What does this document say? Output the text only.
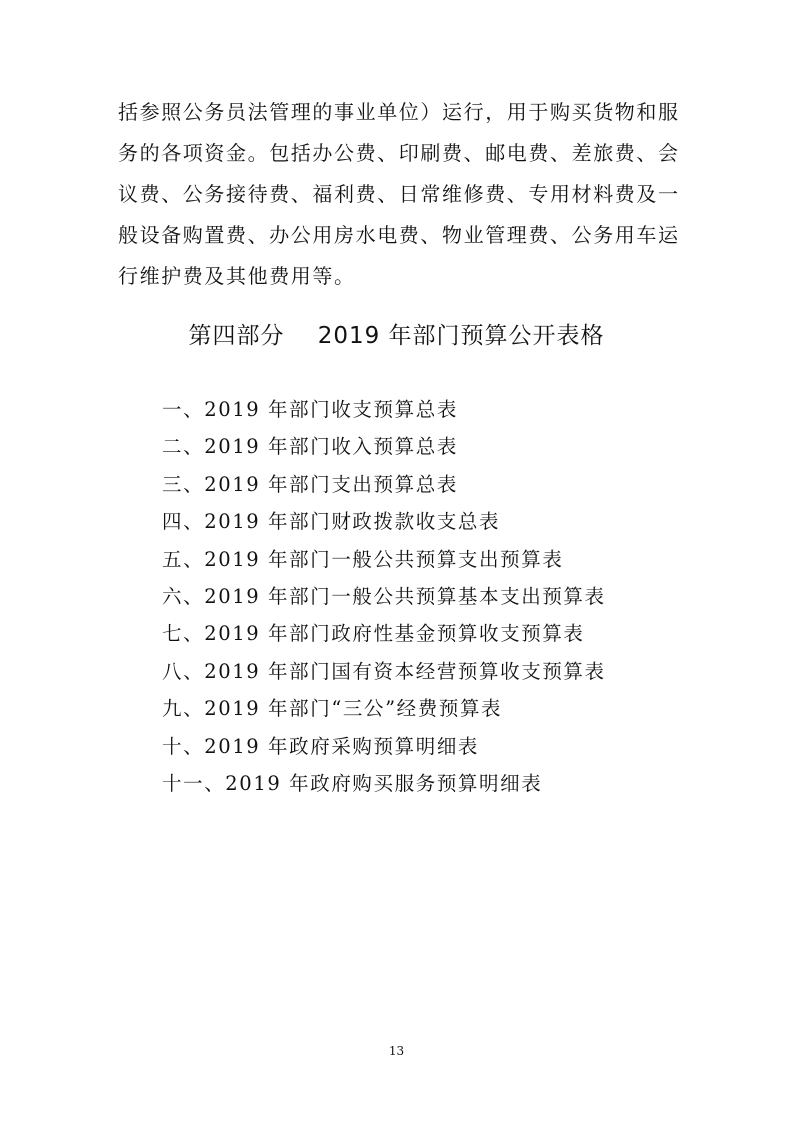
括参照公务员法管理的事业单位）运行，用于购买货物和服
务的各项资金。包括办公费、印刷费、邮电费、差旅费、会
议费、公务接待费、福利费、日常维修费、专用材料费及一
般设备购置费、办公用房水电费、物业管理费、公务用车运
行维护费及其他费用等。

第四部分    2019 年部门预算公开表格
一、2019 年部门收支预算总表
二、2019 年部门收入预算总表
三、2019 年部门支出预算总表
四、2019 年部门财政拨款收支总表
五、2019 年部门一般公共预算支出预算表
六、2019 年部门一般公共预算基本支出预算表
七、2019 年部门政府性基金预算收支预算表
八、2019 年部门国有资本经营预算收支预算表
九、2019 年部门“三公”经费预算表
十、2019 年政府采购预算明细表
十一、2019 年政府购买服务预算明细表
13
